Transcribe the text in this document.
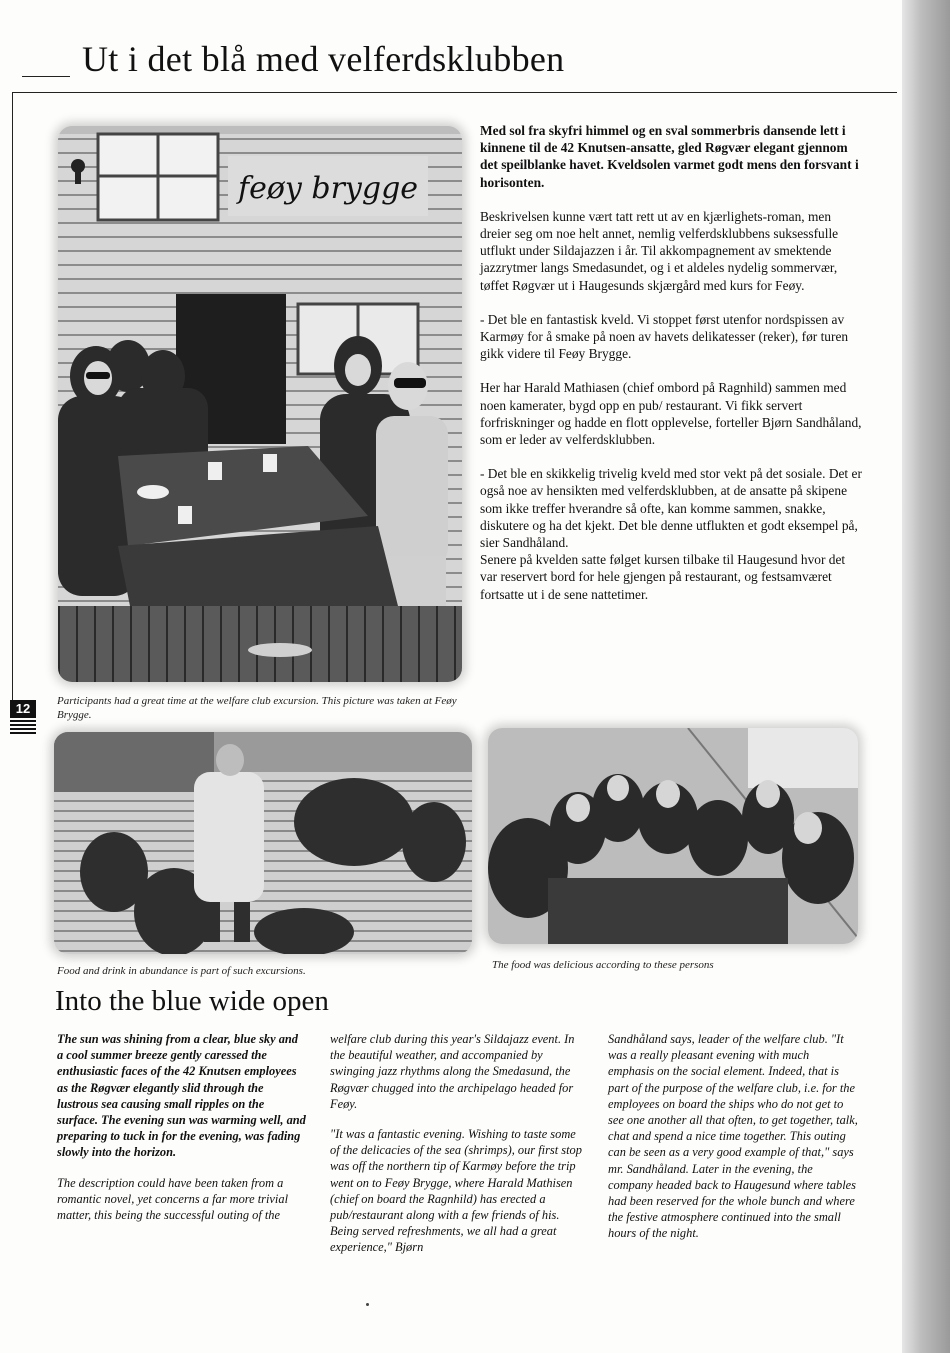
Ut i det blå med velferdsklubben
feøy brygge

Med sol fra skyfri himmel og en sval sommerbris dansende lett i kinnene til de 42 Knutsen-ansatte, gled Røgvær elegant gjennom det speilblanke havet. Kveldsolen varmet godt mens den forsvant i horisonten.

Beskrivelsen kunne vært tatt rett ut av en kjærlighets-roman, men dreier seg om noe helt annet, nemlig velferdsklubbens suksessfulle utflukt under Sildajazzen i år. Til akkompagnement av smektende jazzrytmer langs Smedasundet, og i et aldeles nydelig sommervær, tøffet Røgvær ut i Haugesunds skjærgård med kurs for Feøy.

- Det ble en fantastisk kveld. Vi stoppet først utenfor nordspissen av Karmøy for å smake på noen av havets delikatesser (reker), før turen gikk videre til Feøy Brygge.

Her har Harald Mathiasen (chief ombord på Ragnhild) sammen med noen kamerater, bygd opp en pub/ restaurant. Vi fikk servert forfriskninger og hadde en flott opplevelse, forteller Bjørn Sandhåland, som er leder av velferdsklubben.

- Det ble en skikkelig trivelig kveld med stor vekt på det sosiale. Det er også noe av hensikten med velferdsklubben, at de ansatte på skipene som ikke treffer hverandre så ofte, kan komme sammen, snakke, diskutere og ha det kjekt. Det ble denne utflukten et godt eksempel på, sier Sandhåland.

Senere på kvelden satte følget kursen tilbake til Haugesund hvor det var reservert bord for hele gjengen på restaurant, og festsamværet fortsatte ut i de sene nattetimer.

12	Participants had a great time at the welfare club excursion. This picture was taken at Feøy Brygge.
Food and drink in abundance is part of such excursions.	The food was delicious according to these persons
Into the blue wide open

The sun was shining from a clear, blue sky and a cool summer breeze gently caressed the enthusiastic faces of the 42 Knutsen employees as the Røgvær elegantly slid through the lustrous sea causing small ripples on the surface. The evening sun was warming well, and preparing to tuck in for the evening, was fading slowly into the horizon.

The description could have been taken from a romantic novel, yet concerns a far more trivial matter, this being the successful outing of the

welfare club during this year's Sildajazz event. In the beautiful weather, and accompanied by swinging jazz rhythms along the Smedasund, the Røgvær chugged into the archipelago headed for Feøy.

"It was a fantastic evening. Wishing to taste some of the delicacies of the sea (shrimps), our first stop was off the northern tip of Karmøy before the trip went on to Feøy Brygge, where Harald Mathisen (chief on board the Ragnhild) has erected a pub/restaurant along with a few friends of his. Being served refreshments, we all had a great experience," Bjørn

Sandhåland says, leader of the welfare club. "It was a really pleasant evening with much emphasis on the social element. Indeed, that is part of the purpose of the welfare club, i.e. for the employees on board the ships who do not get to see one another all that often, to get together, talk, chat and spend a nice time together. This outing can be seen as a very good example of that," says mr. Sandhåland. Later in the evening, the company headed back to Haugesund where tables had been reserved for the whole bunch and where the festive atmosphere continued into the small hours of the night.
